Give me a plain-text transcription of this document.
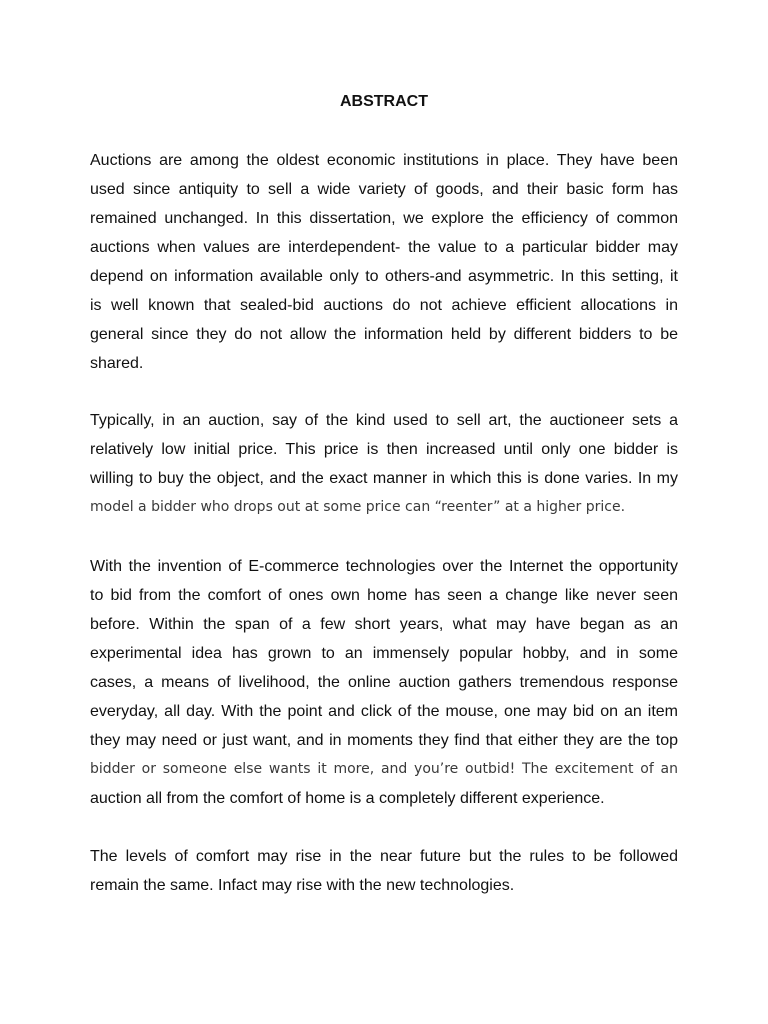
ABSTRACT
Auctions are among the oldest economic institutions in place. They have been
used since antiquity to sell a wide variety of goods, and their basic form has
remained unchanged. In this dissertation, we explore the efficiency of common
auctions when values are interdependent- the value to a particular bidder may
depend on information available only to others-and asymmetric. In this setting, it
is well known that sealed-bid auctions do not achieve efficient allocations in
general since they do not allow the information held by different bidders to be
shared.
Typically, in an auction, say of the kind used to sell art, the auctioneer sets a
relatively low initial price. This price is then increased until only one bidder is
willing to buy the object, and the exact manner in which this is done varies. In my
model a bidder who drops out at some price can “reenter” at a higher price.
With the invention of E-commerce technologies over the Internet the opportunity
to bid from the comfort of ones own home has seen a change like never seen
before. Within the span of a few short years, what may have began as an
experimental idea has grown to an immensely popular hobby, and in some
cases, a means of livelihood, the online auction gathers tremendous response
everyday, all day. With the point and click of the mouse, one may bid on an item
they may need or just want, and in moments they find that either they are the top
bidder or someone else wants it more, and you’re outbid! The excitement of an
auction all from the comfort of home is a completely different experience.
The levels of comfort may rise in the near future but the rules to be followed
remain the same. Infact may rise with the new technologies.
